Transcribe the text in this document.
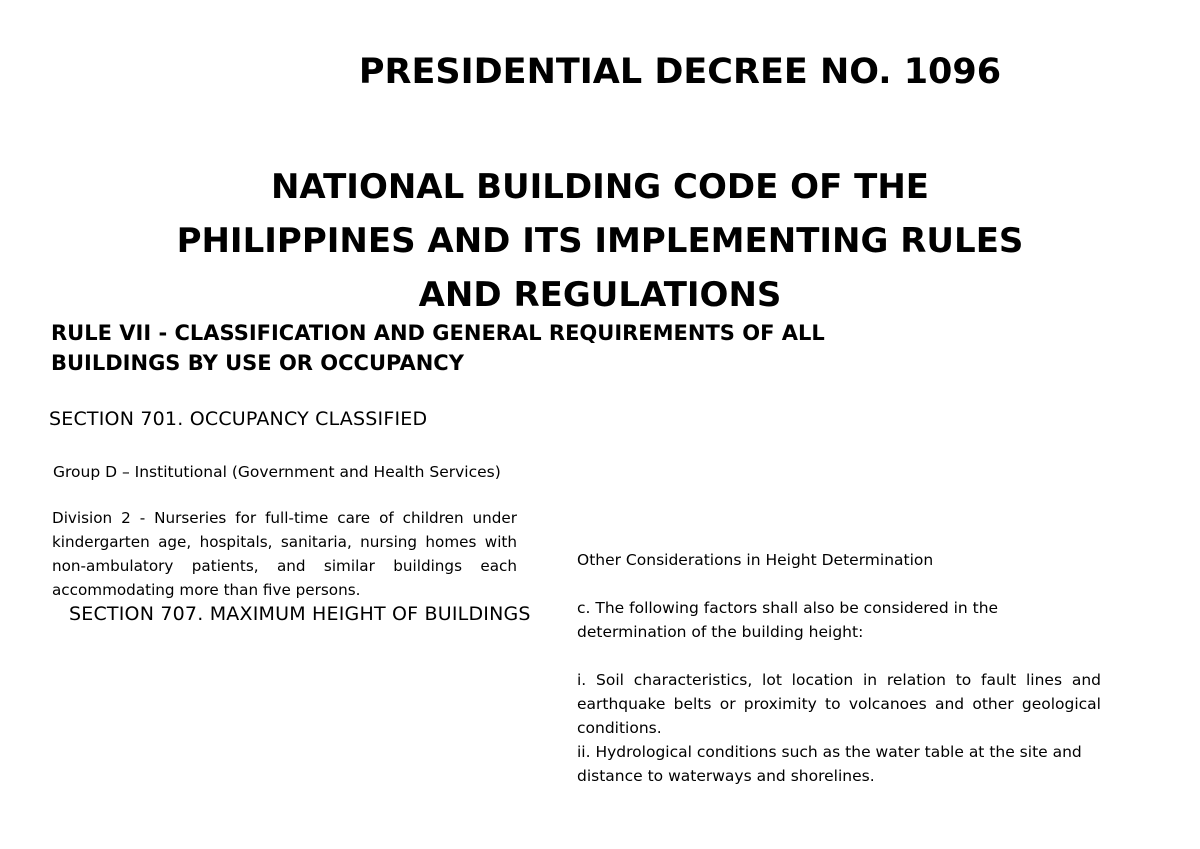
PRESIDENTIAL DECREE NO. 1096
NATIONAL BUILDING CODE OF THE
PHILIPPINES AND ITS IMPLEMENTING RULES
AND REGULATIONS
RULE VII - CLASSIFICATION AND GENERAL REQUIREMENTS OF ALL
BUILDINGS BY USE OR OCCUPANCY
SECTION 701. OCCUPANCY CLASSIFIED
Group D – Institutional (Government and Health Services)

Division 2 - Nurseries for full-time care of children under kindergarten age, hospitals, sanitaria, nursing homes with non-ambulatory patients, and similar buildings each accommodating more than five persons.

SECTION 707. MAXIMUM HEIGHT OF BUILDINGS
Other Considerations in Height Determination

c. The following factors shall also be considered in the determination of the building height:

i. Soil characteristics, lot location in relation to fault lines and earthquake belts or proximity to volcanoes and other geological conditions.
ii. Hydrological conditions such as the water table at the site and distance to waterways and shorelines.
